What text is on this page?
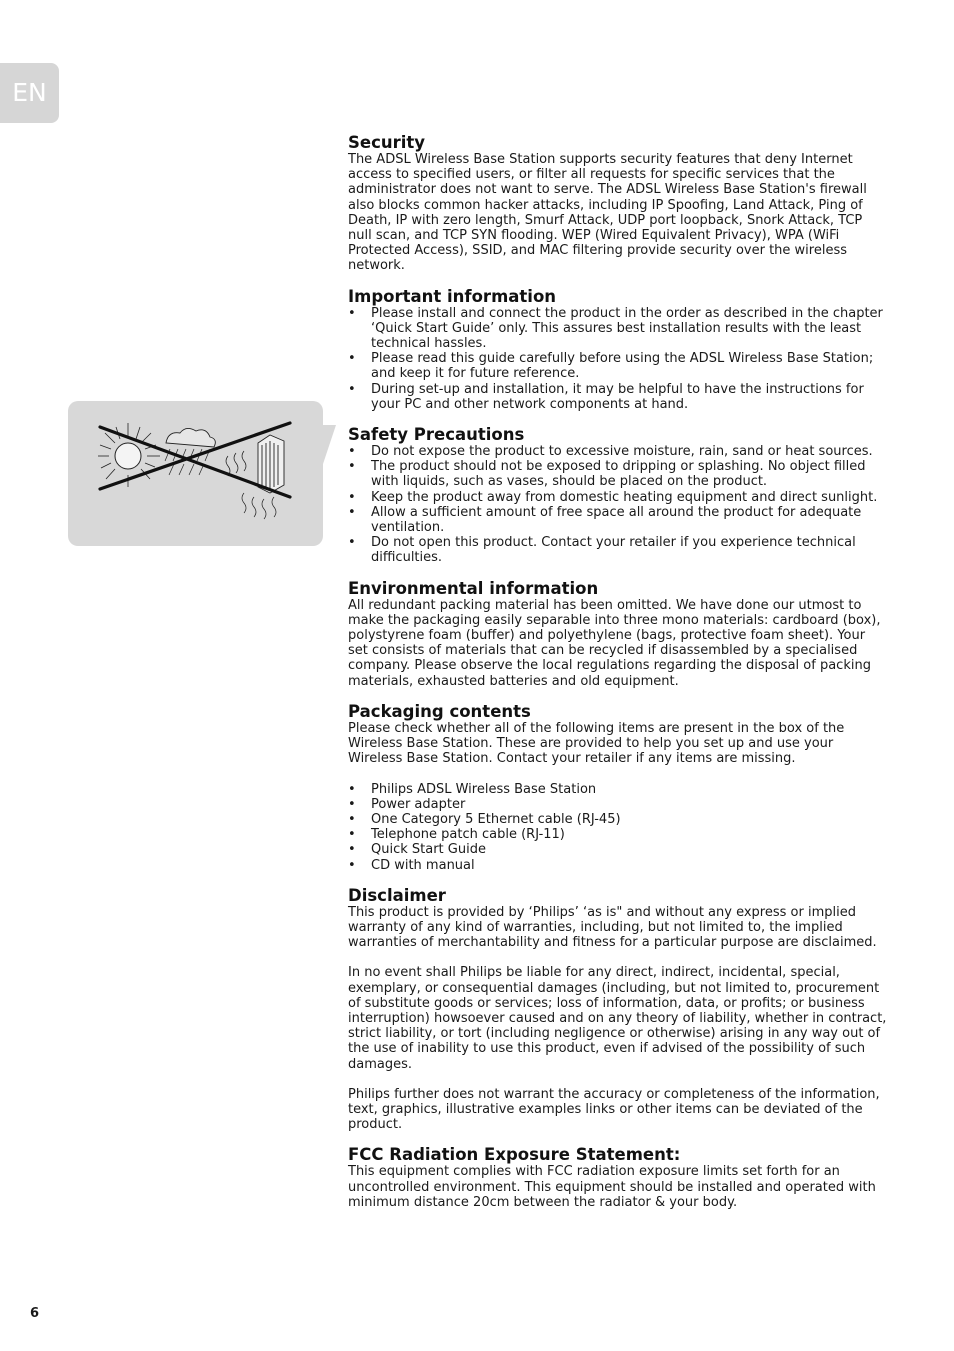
EN
Security

The ADSL Wireless Base Station supports security features that deny Internet access to specified users, or filter all requests for specific services that the administrator does not want to serve. The ADSL Wireless Base Station's firewall also blocks common hacker attacks, including IP Spoofing, Land Attack, Ping of Death, IP with zero length, Smurf Attack, UDP port loopback, Snork Attack, TCP null scan, and TCP SYN flooding. WEP (Wired Equivalent Privacy), WPA (WiFi Protected Access), SSID, and MAC filtering provide security over the wireless network.

Important information
• Please install and connect the product in the order as described in the chapter ‘Quick Start Guide’ only. This assures best installation results with the least technical hassles.
• Please read this guide carefully before using the ADSL Wireless Base Station; and keep it for future reference.
• During set-up and installation, it may be helpful to have the instructions for your PC and other network components at hand.
Safety Precautions
• Do not expose the product to excessive moisture, rain, sand or heat sources.
• The product should not be exposed to dripping or splashing. No object filled with liquids, such as vases, should be placed on the product.
• Keep the product away from domestic heating equipment and direct sunlight.
• Allow a sufficient amount of free space all around the product for adequate ventilation.
• Do not open this product. Contact your retailer if you experience technical difficulties.
Environmental information

All redundant packing material has been omitted. We have done our utmost to make the packaging easily separable into three mono materials: cardboard (box), polystyrene foam (buffer) and polyethylene (bags, protective foam sheet). Your set consists of materials that can be recycled if disassembled by a specialised company. Please observe the local regulations regarding the disposal of packing materials, exhausted batteries and old equipment.

Packaging contents

Please check whether all of the following items are present in the box of the Wireless Base Station. These are provided to help you set up and use your Wireless Base Station. Contact your retailer if any items are missing.

• Philips ADSL Wireless Base Station
• Power adapter
• One Category 5 Ethernet cable (RJ-45)
• Telephone patch cable (RJ-11)
• Quick Start Guide
• CD with manual
Disclaimer

This product is provided by ‘Philips’ ‘as is" and without any express or implied warranty of any kind of warranties, including, but not limited to, the implied warranties of merchantability and fitness for a particular purpose are disclaimed.

In no event shall Philips be liable for any direct, indirect, incidental, special, exemplary, or consequential damages (including, but not limited to, procurement of substitute goods or services; loss of information, data, or profits; or business interruption) howsoever caused and on any theory of liability, whether in contract, strict liability, or tort (including negligence or otherwise) arising in any way out of the use of inability to use this product, even if advised of the possibility of such damages.

Philips further does not warrant the accuracy or completeness of the information, text, graphics, illustrative examples links or other items can be deviated of the product.

FCC Radiation Exposure Statement:

This equipment complies with FCC radiation exposure limits set forth for an uncontrolled environment. This equipment should be installed and operated with minimum distance 20cm between the radiator & your body.

6
